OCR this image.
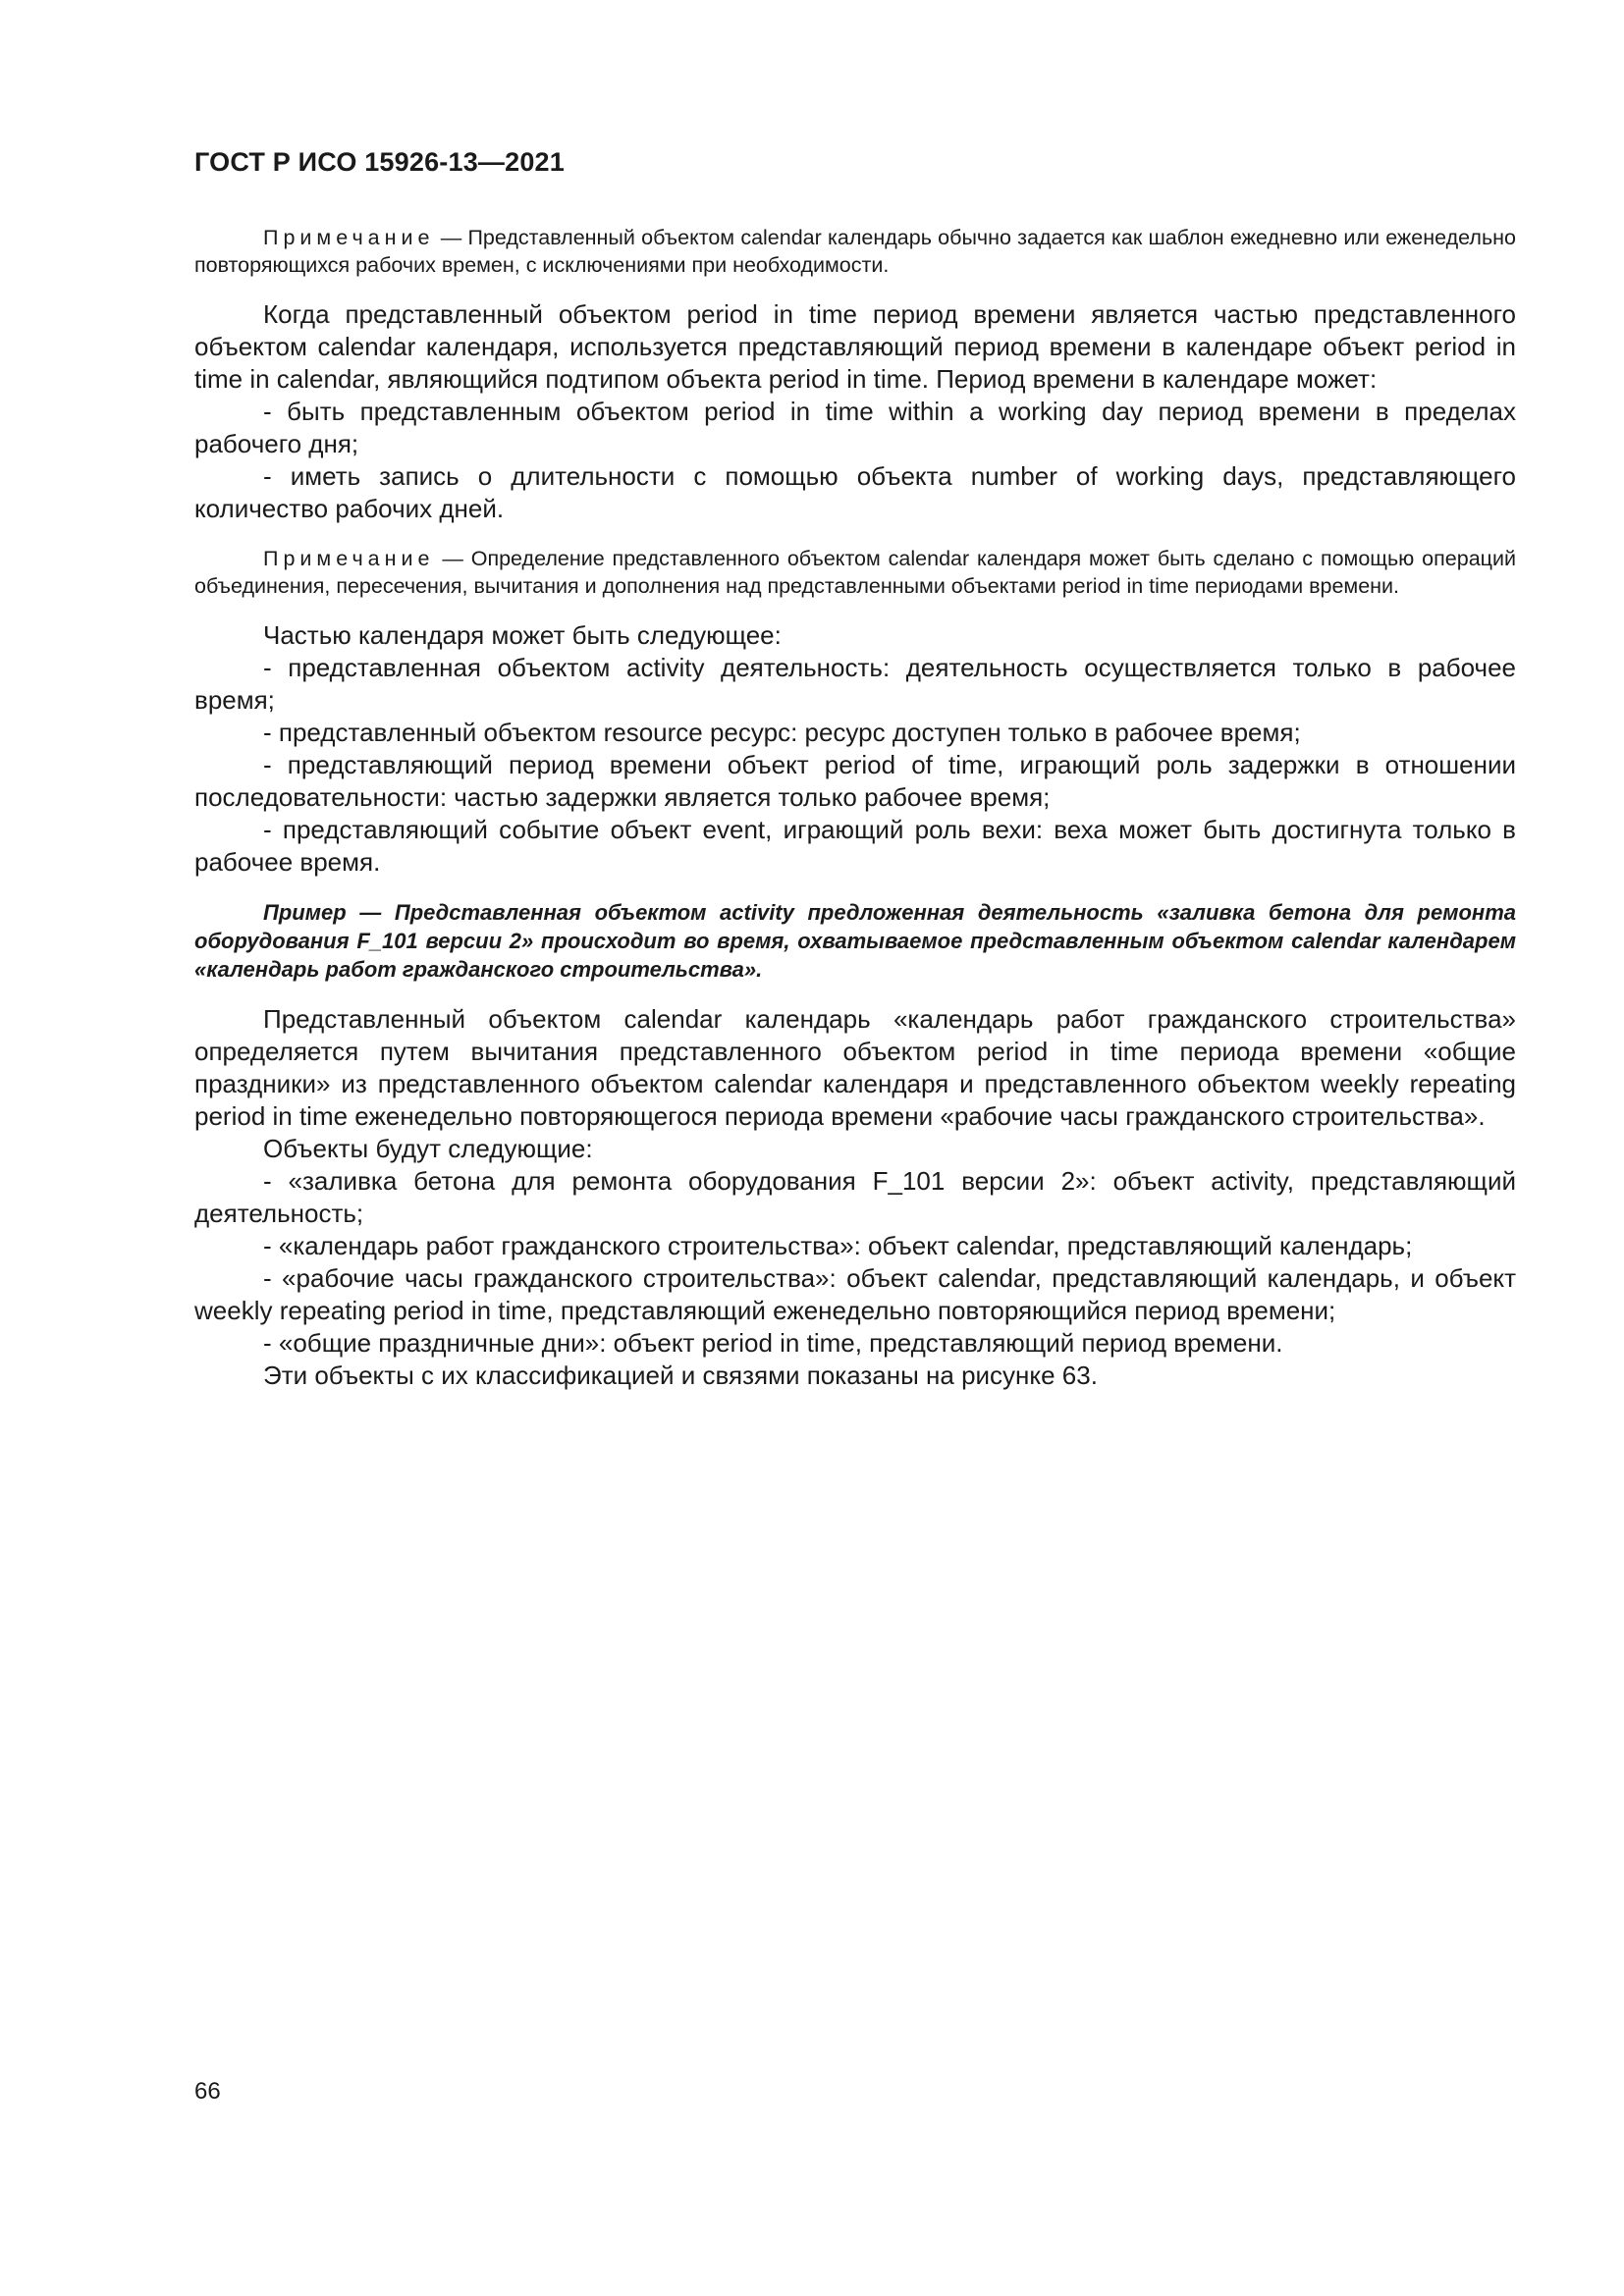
ГОСТ Р ИСО 15926-13—2021

Примечание — Представленный объектом calendar календарь обычно задается как шаблон ежедневно или еженедельно повторяющихся рабочих времен, с исключениями при необходимости.

Когда представленный объектом period in time период времени является частью представленного объектом calendar календаря, используется представляющий период времени в календаре объект period in time in calendar, являющийся подтипом объекта period in time. Период времени в календаре может:

- быть представленным объектом period in time within a working day период времени в пределах рабочего дня;

- иметь запись о длительности с помощью объекта number of working days, представляющего количество рабочих дней.

Примечание — Определение представленного объектом calendar календаря может быть сделано с помощью операций объединения, пересечения, вычитания и дополнения над представленными объектами period in time периодами времени.

Частью календаря может быть следующее:

- представленная объектом activity деятельность: деятельность осуществляется только в рабочее время;

- представленный объектом resource ресурс: ресурс доступен только в рабочее время;

- представляющий период времени объект period of time, играющий роль задержки в отношении последовательности: частью задержки является только рабочее время;

- представляющий событие объект event, играющий роль вехи: веха может быть достигнута только в рабочее время.

Пример — Представленная объектом activity предложенная деятельность «заливка бетона для ремонта оборудования F_101 версии 2» происходит во время, охватываемое представленным объектом calendar календарем «календарь работ гражданского строительства».

Представленный объектом calendar календарь «календарь работ гражданского строительства» определяется путем вычитания представленного объектом period in time периода времени «общие праздники» из представленного объектом calendar календаря и представленного объектом weekly repeating period in time еженедельно повторяющегося периода времени «рабочие часы гражданского строительства».

Объекты будут следующие:

- «заливка бетона для ремонта оборудования F_101 версии 2»: объект activity, представляющий деятельность;

- «календарь работ гражданского строительства»: объект calendar, представляющий календарь;

- «рабочие часы гражданского строительства»: объект calendar, представляющий календарь, и объект weekly repeating period in time, представляющий еженедельно повторяющийся период времени;

- «общие праздничные дни»: объект period in time, представляющий период времени.

Эти объекты с их классификацией и связями показаны на рисунке 63.

66
